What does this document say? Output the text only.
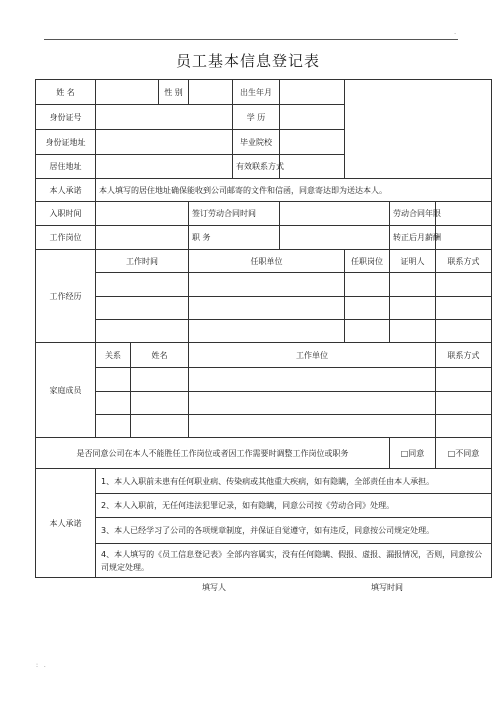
.
员工基本信息登记表
姓 名			性 别		出生年月				
身份证号					学 历				
身份证地址					毕业院校				
居住地址					有效联系方式				
本人承诺	本人填写的居住地址确保能收到公司邮寄的文件和信函，同意寄达即为送达本人。								
入职时间				签订劳动合同时间				劳动合同年限	
工作岗位				职 务				转正后月薪酬	
工作经历	工作时间			任职单位			任职岗位	证明人	联系方式

家庭成员	关系	姓名		工作单位					联系方式

是否同意公司在本人不能胜任工作岗位或者因工作需要时调整工作岗位或职务								□同意	□不同意
本人承诺	1、本人入职前未患有任何职业病、传染病或其他重大疾病，如有隐瞒，全部责任由本人承担。								
	2、本人入职前，无任何违法犯罪记录，如有隐瞒，同意公司按《劳动合同》处理。								
	3、本人已经学习了公司的各项规章制度，并保证自觉遵守，如有违反，同意按公司规定处理。								
	4、本人填写的《员工信息登记表》全部内容属实，没有任何隐瞒、假报、虚报、漏报情况，否则，同意按公司规定处理。								
填写人	填写时间
: .
